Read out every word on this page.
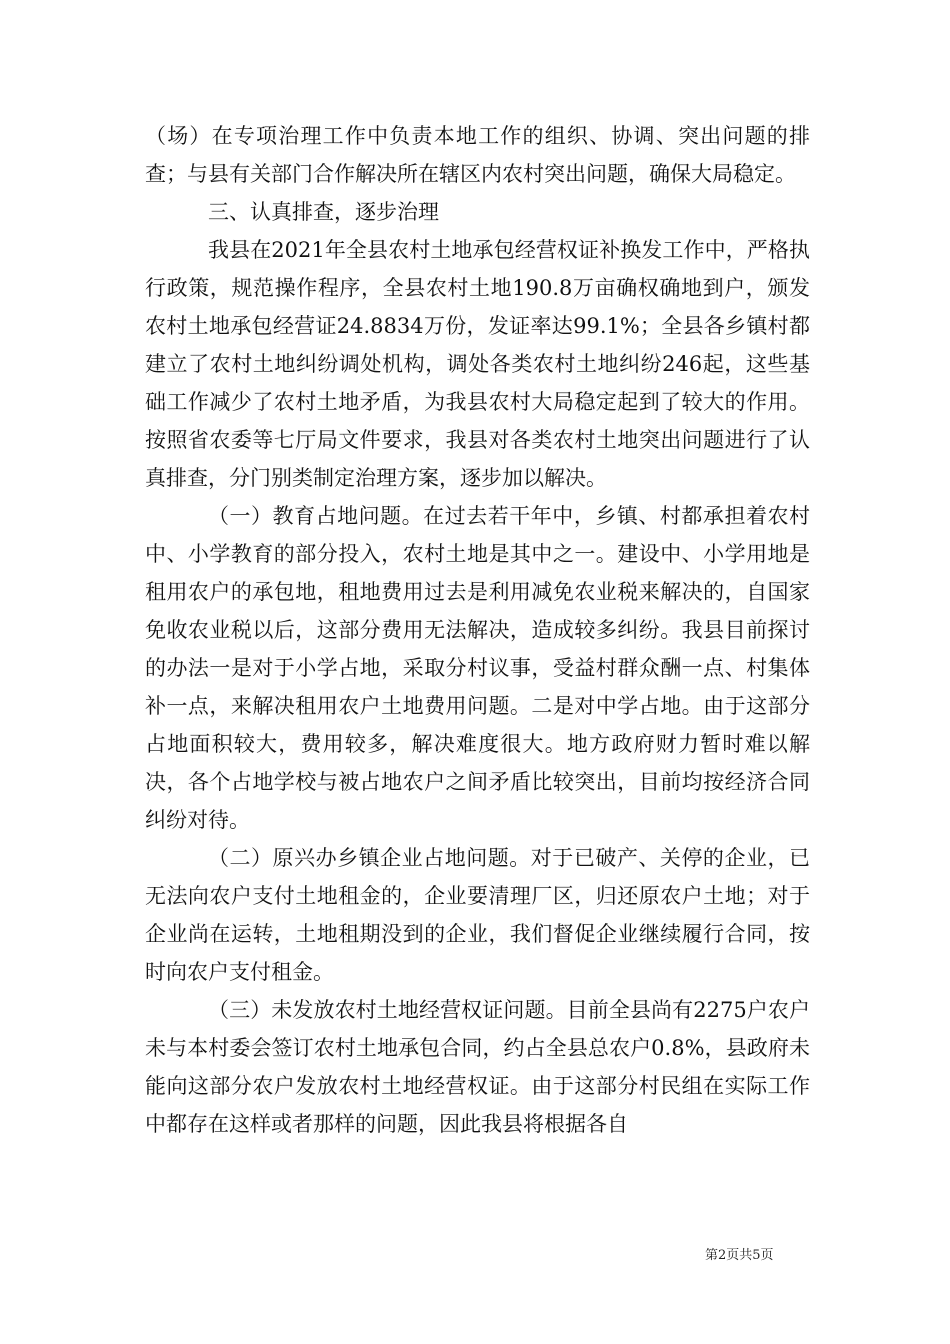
（场）在专项治理工作中负责本地工作的组织、协调、突出问题的排查；与县有关部门合作解决所在辖区内农村突出问题，确保大局稳定。

三、认真排查，逐步治理

我县在2021年全县农村土地承包经营权证补换发工作中，严格执行政策，规范操作程序，全县农村土地190.8万亩确权确地到户，颁发农村土地承包经营证24.8834万份，发证率达99.1%；全县各乡镇村都建立了农村土地纠纷调处机构，调处各类农村土地纠纷246起，这些基础工作减少了农村土地矛盾，为我县农村大局稳定起到了较大的作用。按照省农委等七厅局文件要求，我县对各类农村土地突出问题进行了认真排查，分门别类制定治理方案，逐步加以解决。

（一）教育占地问题。在过去若干年中，乡镇、村都承担着农村中、小学教育的部分投入，农村土地是其中之一。建设中、小学用地是租用农户的承包地，租地费用过去是利用减免农业税来解决的，自国家免收农业税以后，这部分费用无法解决，造成较多纠纷。我县目前探讨的办法一是对于小学占地，采取分村议事，受益村群众酬一点、村集体补一点，来解决租用农户土地费用问题。二是对中学占地。由于这部分占地面积较大，费用较多，解决难度很大。地方政府财力暂时难以解决，各个占地学校与被占地农户之间矛盾比较突出，目前均按经济合同纠纷对待。

（二）原兴办乡镇企业占地问题。对于已破产、关停的企业，已无法向农户支付土地租金的，企业要清理厂区，归还原农户土地；对于企业尚在运转，土地租期没到的企业，我们督促企业继续履行合同，按时向农户支付租金。

（三）未发放农村土地经营权证问题。目前全县尚有2275户农户未与本村委会签订农村土地承包合同，约占全县总农户0.8%，县政府未能向这部分农户发放农村土地经营权证。由于这部分村民组在实际工作中都存在这样或者那样的问题，因此我县将根据各自

第2页共5页
